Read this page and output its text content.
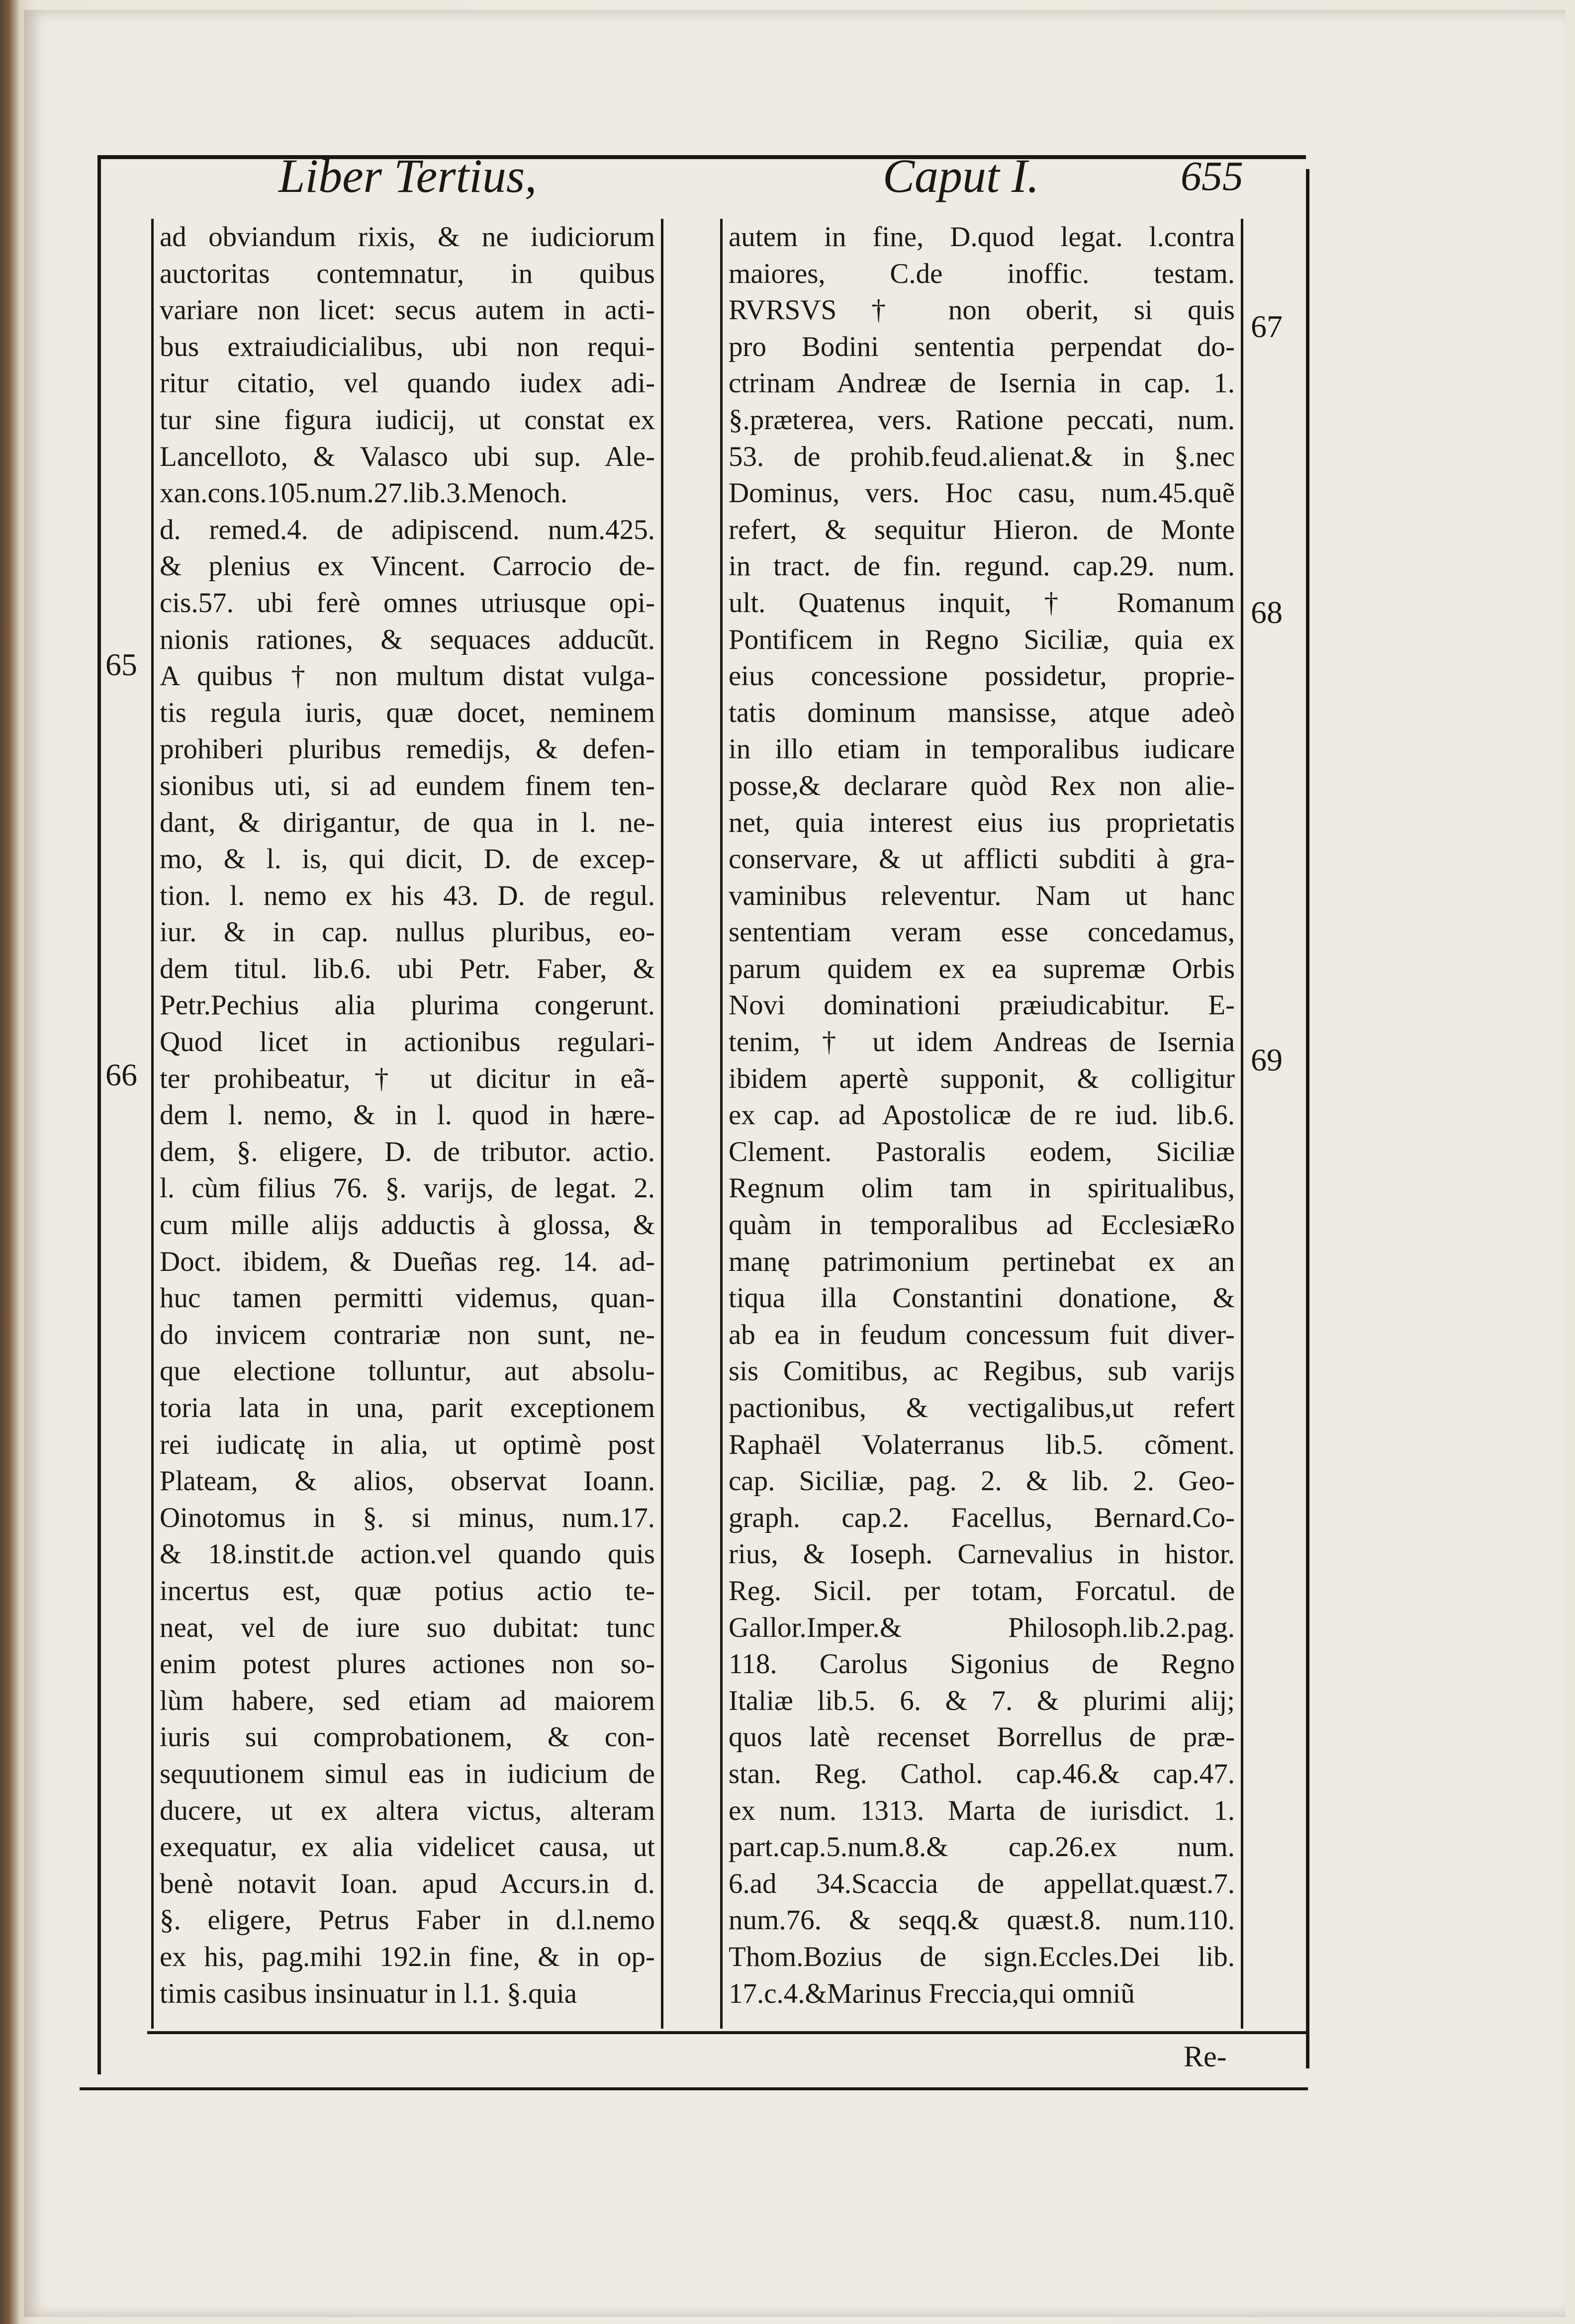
Liber Tertius,	Caput I.	655
ad obviandum rixis, & ne iudiciorum
auctoritas contemnatur, in quibus
variare non licet: secus autem in acti-
bus extraiudicialibus, ubi non requi-
ritur citatio, vel quando iudex adi-
tur sine figura iudicij, ut constat ex
Lancelloto, & Valasco ubi sup. Ale-
xan.cons.105.num.27.lib.3.Menoch.
d. remed.4. de adipiscend. num.425.
& plenius ex Vincent. Carrocio de-
cis.57. ubi ferè omnes utriusque opi-
nionis rationes, & sequaces adducũt.
A quibus † non multum distat vulga-
tis regula iuris, quæ docet, neminem
prohiberi pluribus remedijs, & defen-
sionibus uti, si ad eundem finem ten-
dant, & dirigantur, de qua in l. ne-
mo, & l. is, qui dicit, D. de excep-
tion. l. nemo ex his 43. D. de regul.
iur. & in cap. nullus pluribus, eo-
dem titul. lib.6. ubi Petr. Faber, &
Petr.Pechius alia plurima congerunt.
Quod licet in actionibus regulari-
ter prohibeatur, † ut dicitur in eã-
dem l. nemo, & in l. quod in hære-
dem, §. eligere, D. de tributor. actio.
l. cùm filius 76. §. varijs, de legat. 2.
cum mille alijs adductis à glossa, &
Doct. ibidem, & Dueñas reg. 14. ad-
huc tamen permitti videmus, quan-
do invicem contrariæ non sunt, ne-
que electione tolluntur, aut absolu-
toria lata in una, parit exceptionem
rei iudicatę in alia, ut optimè post
Plateam, & alios, observat Ioann.
Oinotomus in §. si minus, num.17.
& 18.instit.de action.vel quando quis
incertus est, quæ potius actio te-
neat, vel de iure suo dubitat: tunc
enim potest plures actiones non so-
lùm habere, sed etiam ad maiorem
iuris sui comprobationem, & con-
sequutionem simul eas in iudicium de
ducere, ut ex altera victus, alteram
exequatur, ex alia videlicet causa, ut
benè notavit Ioan. apud Accurs.in d.
§. eligere, Petrus Faber in d.l.nemo
ex his, pag.mihi 192.in fine, & in op-
timis casibus insinuatur in l.1. §.quia
autem in fine, D.quod legat. l.contra
maiores, C.de inoffic. testam.
RVRSVS † non oberit, si quis
pro Bodini sententia perpendat do-
ctrinam Andreæ de Isernia in cap. 1.
§.præterea, vers. Ratione peccati, num.
53. de prohib.feud.alienat.& in §.nec
Dominus, vers. Hoc casu, num.45.quẽ
refert, & sequitur Hieron. de Monte
in tract. de fin. regund. cap.29. num.
ult. Quatenus inquit, † Romanum
Pontificem in Regno Siciliæ, quia ex
eius concessione possidetur, proprie-
tatis dominum mansisse, atque adeò
in illo etiam in temporalibus iudicare
posse,& declarare quòd Rex non alie-
net, quia interest eius ius proprietatis
conservare, & ut afflicti subditi à gra-
vaminibus releventur. Nam ut hanc
sententiam veram esse concedamus,
parum quidem ex ea supremæ Orbis
Novi dominationi præiudicabitur. E-
tenim, † ut idem Andreas de Isernia
ibidem apertè supponit, & colligitur
ex cap. ad Apostolicæ de re iud. lib.6.
Clement. Pastoralis eodem, Siciliæ
Regnum olim tam in spiritualibus,
quàm in temporalibus ad EcclesiæRo
manę patrimonium pertinebat ex an
tiqua illa Constantini donatione, &
ab ea in feudum concessum fuit diver-
sis Comitibus, ac Regibus, sub varijs
pactionibus, & vectigalibus,ut refert
Raphaël Volaterranus lib.5. cõment.
cap. Siciliæ, pag. 2. & lib. 2. Geo-
graph. cap.2. Facellus, Bernard.Co-
rius, & Ioseph. Carnevalius in histor.
Reg. Sicil. per totam, Forcatul. de
Gallor.Imper.& Philosoph.lib.2.pag.
118. Carolus Sigonius de Regno
Italiæ lib.5. 6. & 7. & plurimi alij;
quos latè recenset Borrellus de præ-
stan. Reg. Cathol. cap.46.& cap.47.
ex num. 1313. Marta de iurisdict. 1.
part.cap.5.num.8.& cap.26.ex num.
6.ad 34.Scaccia de appellat.quæst.7.
num.76. & seqq.& quæst.8. num.110.
Thom.Bozius de sign.Eccles.Dei lib.
17.c.4.&Marinus Freccia,qui omniũ
65
66
67
68
69
Re-
